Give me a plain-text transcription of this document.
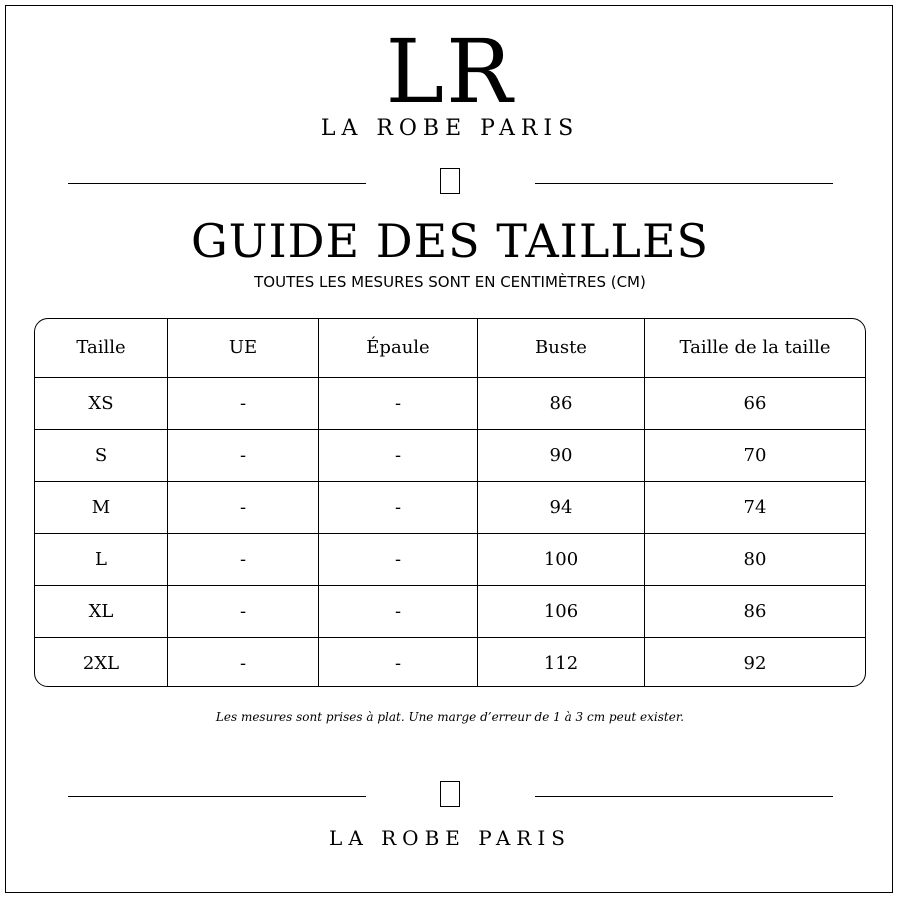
LR
LA ROBE PARIS
GUIDE DES TAILLES
TOUTES LES MESURES SONT EN CENTIMÈTRES (CM)
Taille	UE	Épaule	Buste	Taille de la taille
XS	-	-	86	66
S	-	-	90	70
M	-	-	94	74
L	-	-	100	80
XL	-	-	106	86
2XL	-	-	112	92
Les mesures sont prises à plat. Une marge d’erreur de 1 à 3 cm peut exister.
LA ROBE PARIS
